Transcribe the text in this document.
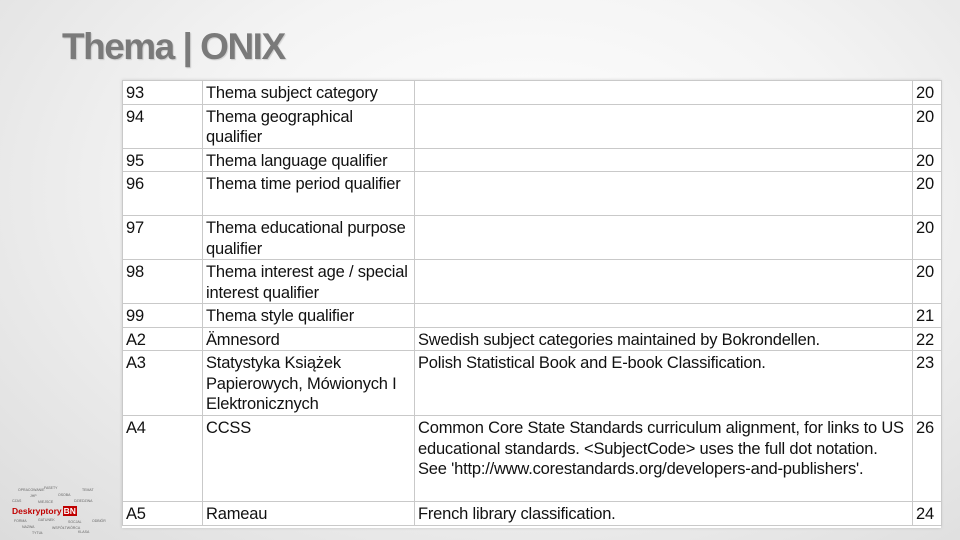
Thema | ONIX
93	Thema subject category		20
94	Thema geographical qualifier		20
95	Thema language qualifier		20
96	Thema time period qualifier		20
97	Thema educational purpose qualifier		20
98	Thema interest age / special interest qualifier		20
99	Thema style qualifier		21
A2	Ämnesord	Swedish subject categories maintained by Bokrondellen.	22
A3	Statystyka Książek Papierowych, Mówionych I Elektronicznych	Polish Statistical Book and E-book Classification.	23
A4	CCSS	Common Core State Standards curriculum alignment, for links to US educational standards. <SubjectCode> uses the full dot notation. See 'http://www.corestandards.org/developers-and-publishers'.	26
A5	Rameau	French library classification.	24
OPRACOWANIE FASETY	TEMAT
JHP	OSOBA
CZAS	MIEJSCE	DZIEDZINA
Deskryptory BN
FORMA	GATUNEK	SOCJAL	ODBIÓR
NAZWA	WSPÓŁTWÓRCA
TYTUŁ	KLASA
